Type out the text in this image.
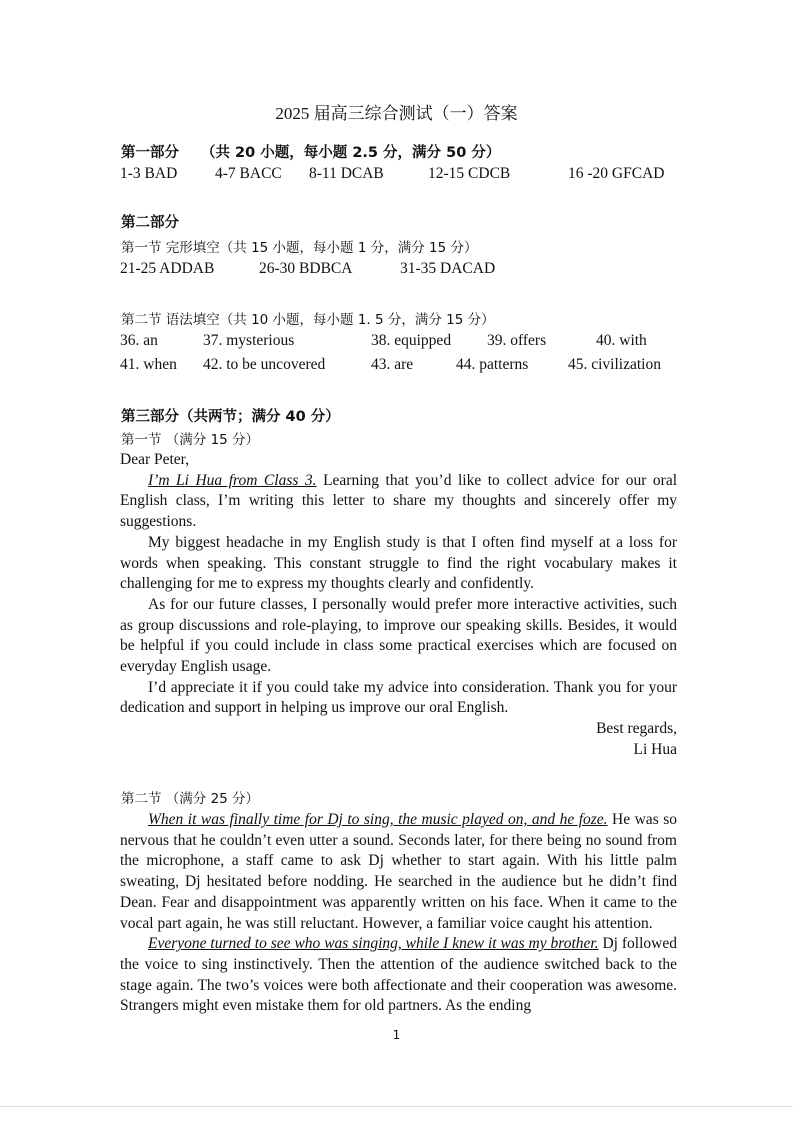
2025 届高三综合测试（一）答案
第一部分 （共 20 小题，每小题 2.5 分，满分 50 分）
1-3 BAD 4-7 BACC 8-11 DCAB	12-15 CDCB	16 -20 GFCAD
第二部分
第一节 完形填空（共 15 小题，每小题 1 分，满分 15 分）
21-25 ADDAB	26-30 BDBCA	31-35 DACAD
第二节 语法填空（共 10 小题，每小题 1. 5 分，满分 15 分）
36. an	37. mysterious	38. equipped 39. offers	40. with
41. when 42. to be uncovered	43. are	44. patterns	45. civilization
第三部分（共两节；满分 40 分）
第一节 （满分 15 分）

Dear Peter,

I’m Li Hua from Class 3. Learning that you’d like to collect advice for our oral English class, I’m writing this letter to share my thoughts and sincerely offer my suggestions.

My biggest headache in my English study is that I often find myself at a loss for words when speaking. This constant struggle to find the right vocabulary makes it challenging for me to express my thoughts clearly and confidently.

As for our future classes, I personally would prefer more interactive activities, such as group discussions and role-playing, to improve our speaking skills. Besides, it would be helpful if you could include in class some practical exercises which are focused on everyday English usage.

I’d appreciate it if you could take my advice into consideration. Thank you for your dedication and support in helping us improve our oral English.

Best regards,

Li Hua

第二节 （满分 25 分）

When it was finally time for Dj to sing, the music played on, and he foze. He was so nervous that he couldn’t even utter a sound. Seconds later, for there being no sound from the microphone, a staff came to ask Dj whether to start again. With his little palm sweating, Dj hesitated before nodding. He searched in the audience but he didn’t find Dean. Fear and disappointment was apparently written on his face. When it came to the vocal part again, he was still reluctant. However, a familiar voice caught his attention.

Everyone turned to see who was singing, while I knew it was my brother. Dj followed the voice to sing instinctively. Then the attention of the audience switched back to the stage again. The two’s voices were both affectionate and their cooperation was awesome. Strangers might even mistake them for old partners. As the ending

1
